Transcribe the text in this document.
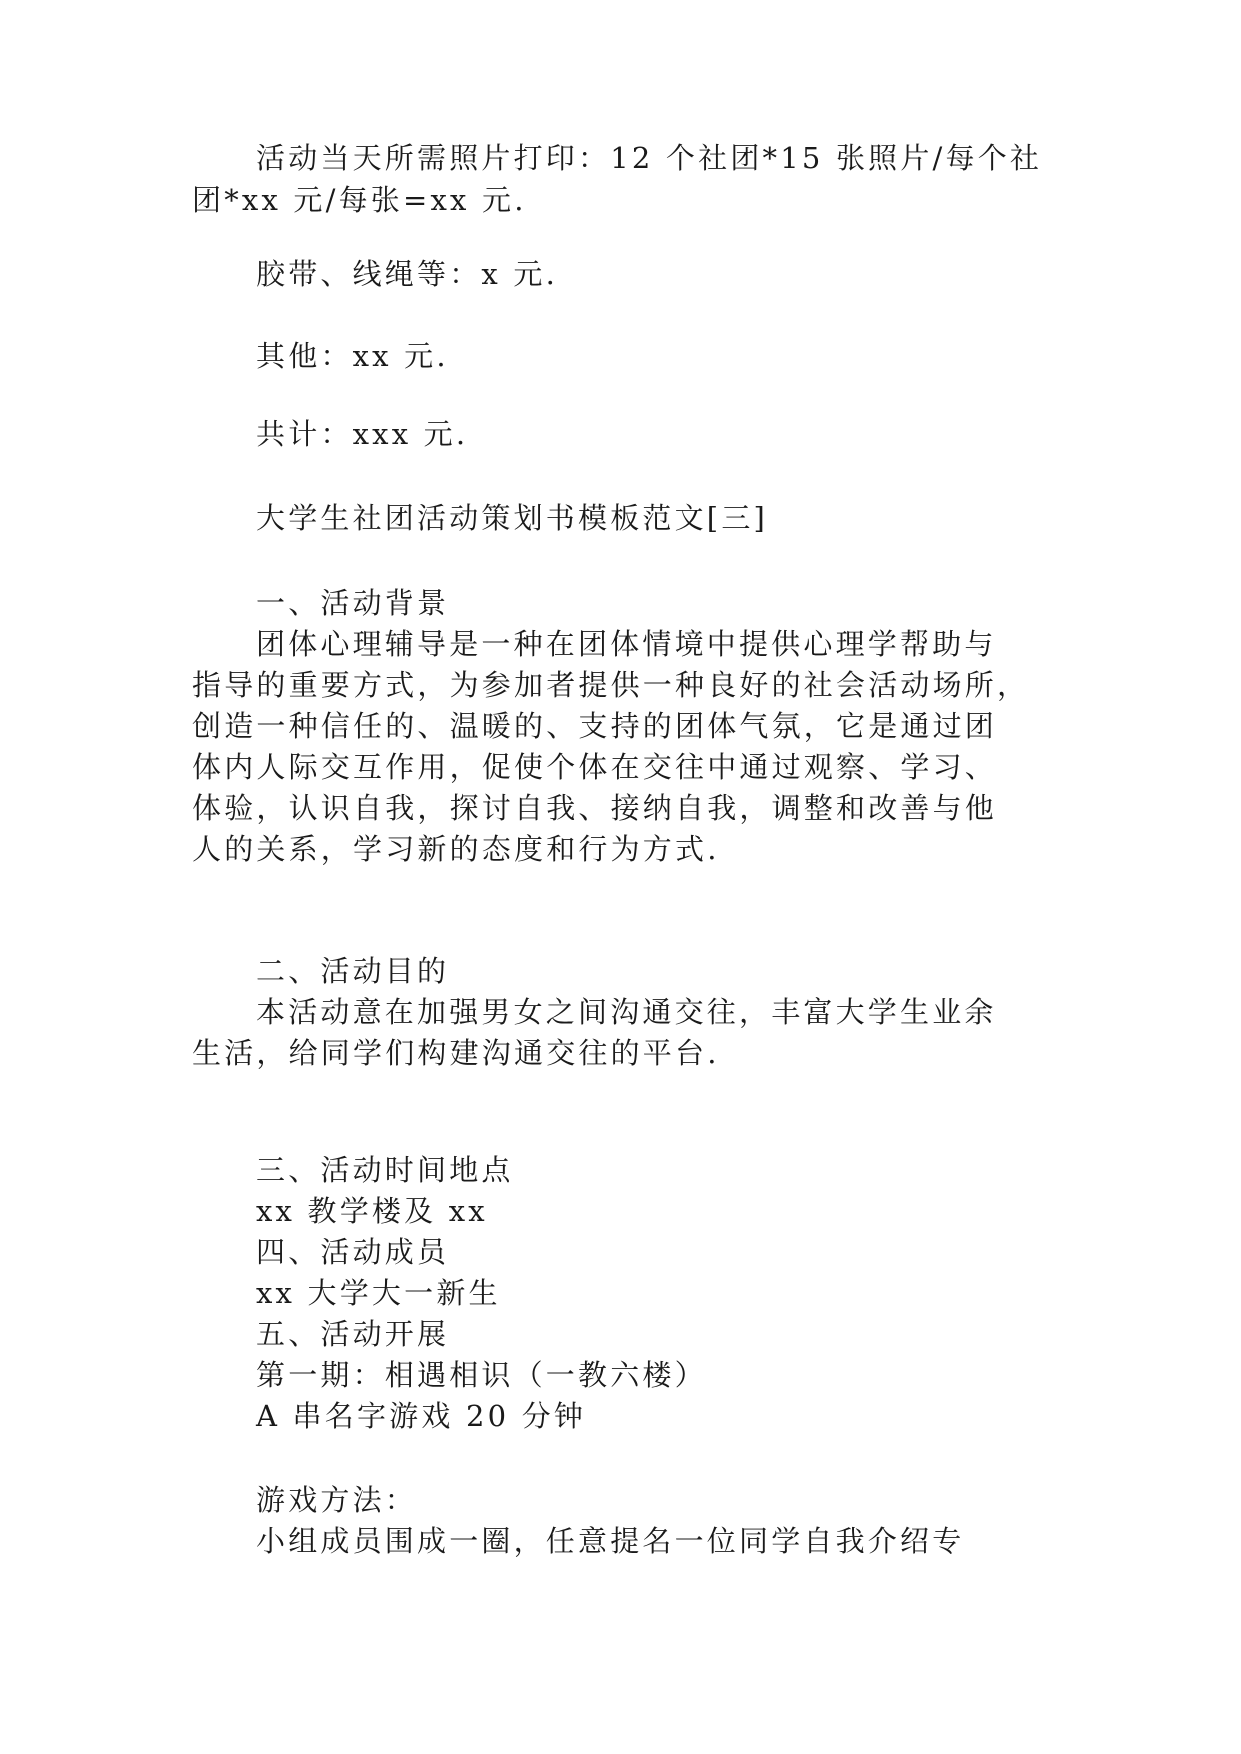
活动当天所需照片打印：12 个社团*15 张照片/每个社
团*xx 元/每张=xx 元.
胶带、线绳等：x 元.
其他：xx 元.
共计：xxx 元.
大学生社团活动策划书模板范文[三]
一、活动背景
团体心理辅导是一种在团体情境中提供心理学帮助与
指导的重要方式，为参加者提供一种良好的社会活动场所，
创造一种信任的、温暖的、支持的团体气氛，它是通过团
体内人际交互作用，促使个体在交往中通过观察、学习、
体验，认识自我，探讨自我、接纳自我，调整和改善与他
人的关系，学习新的态度和行为方式.
二、活动目的
本活动意在加强男女之间沟通交往，丰富大学生业余
生活，给同学们构建沟通交往的平台.
三、活动时间地点
xx 教学楼及 xx
四、活动成员
xx 大学大一新生
五、活动开展
第一期：相遇相识（一教六楼）
A 串名字游戏 20 分钟
游戏方法：
小组成员围成一圈，任意提名一位同学自我介绍专
